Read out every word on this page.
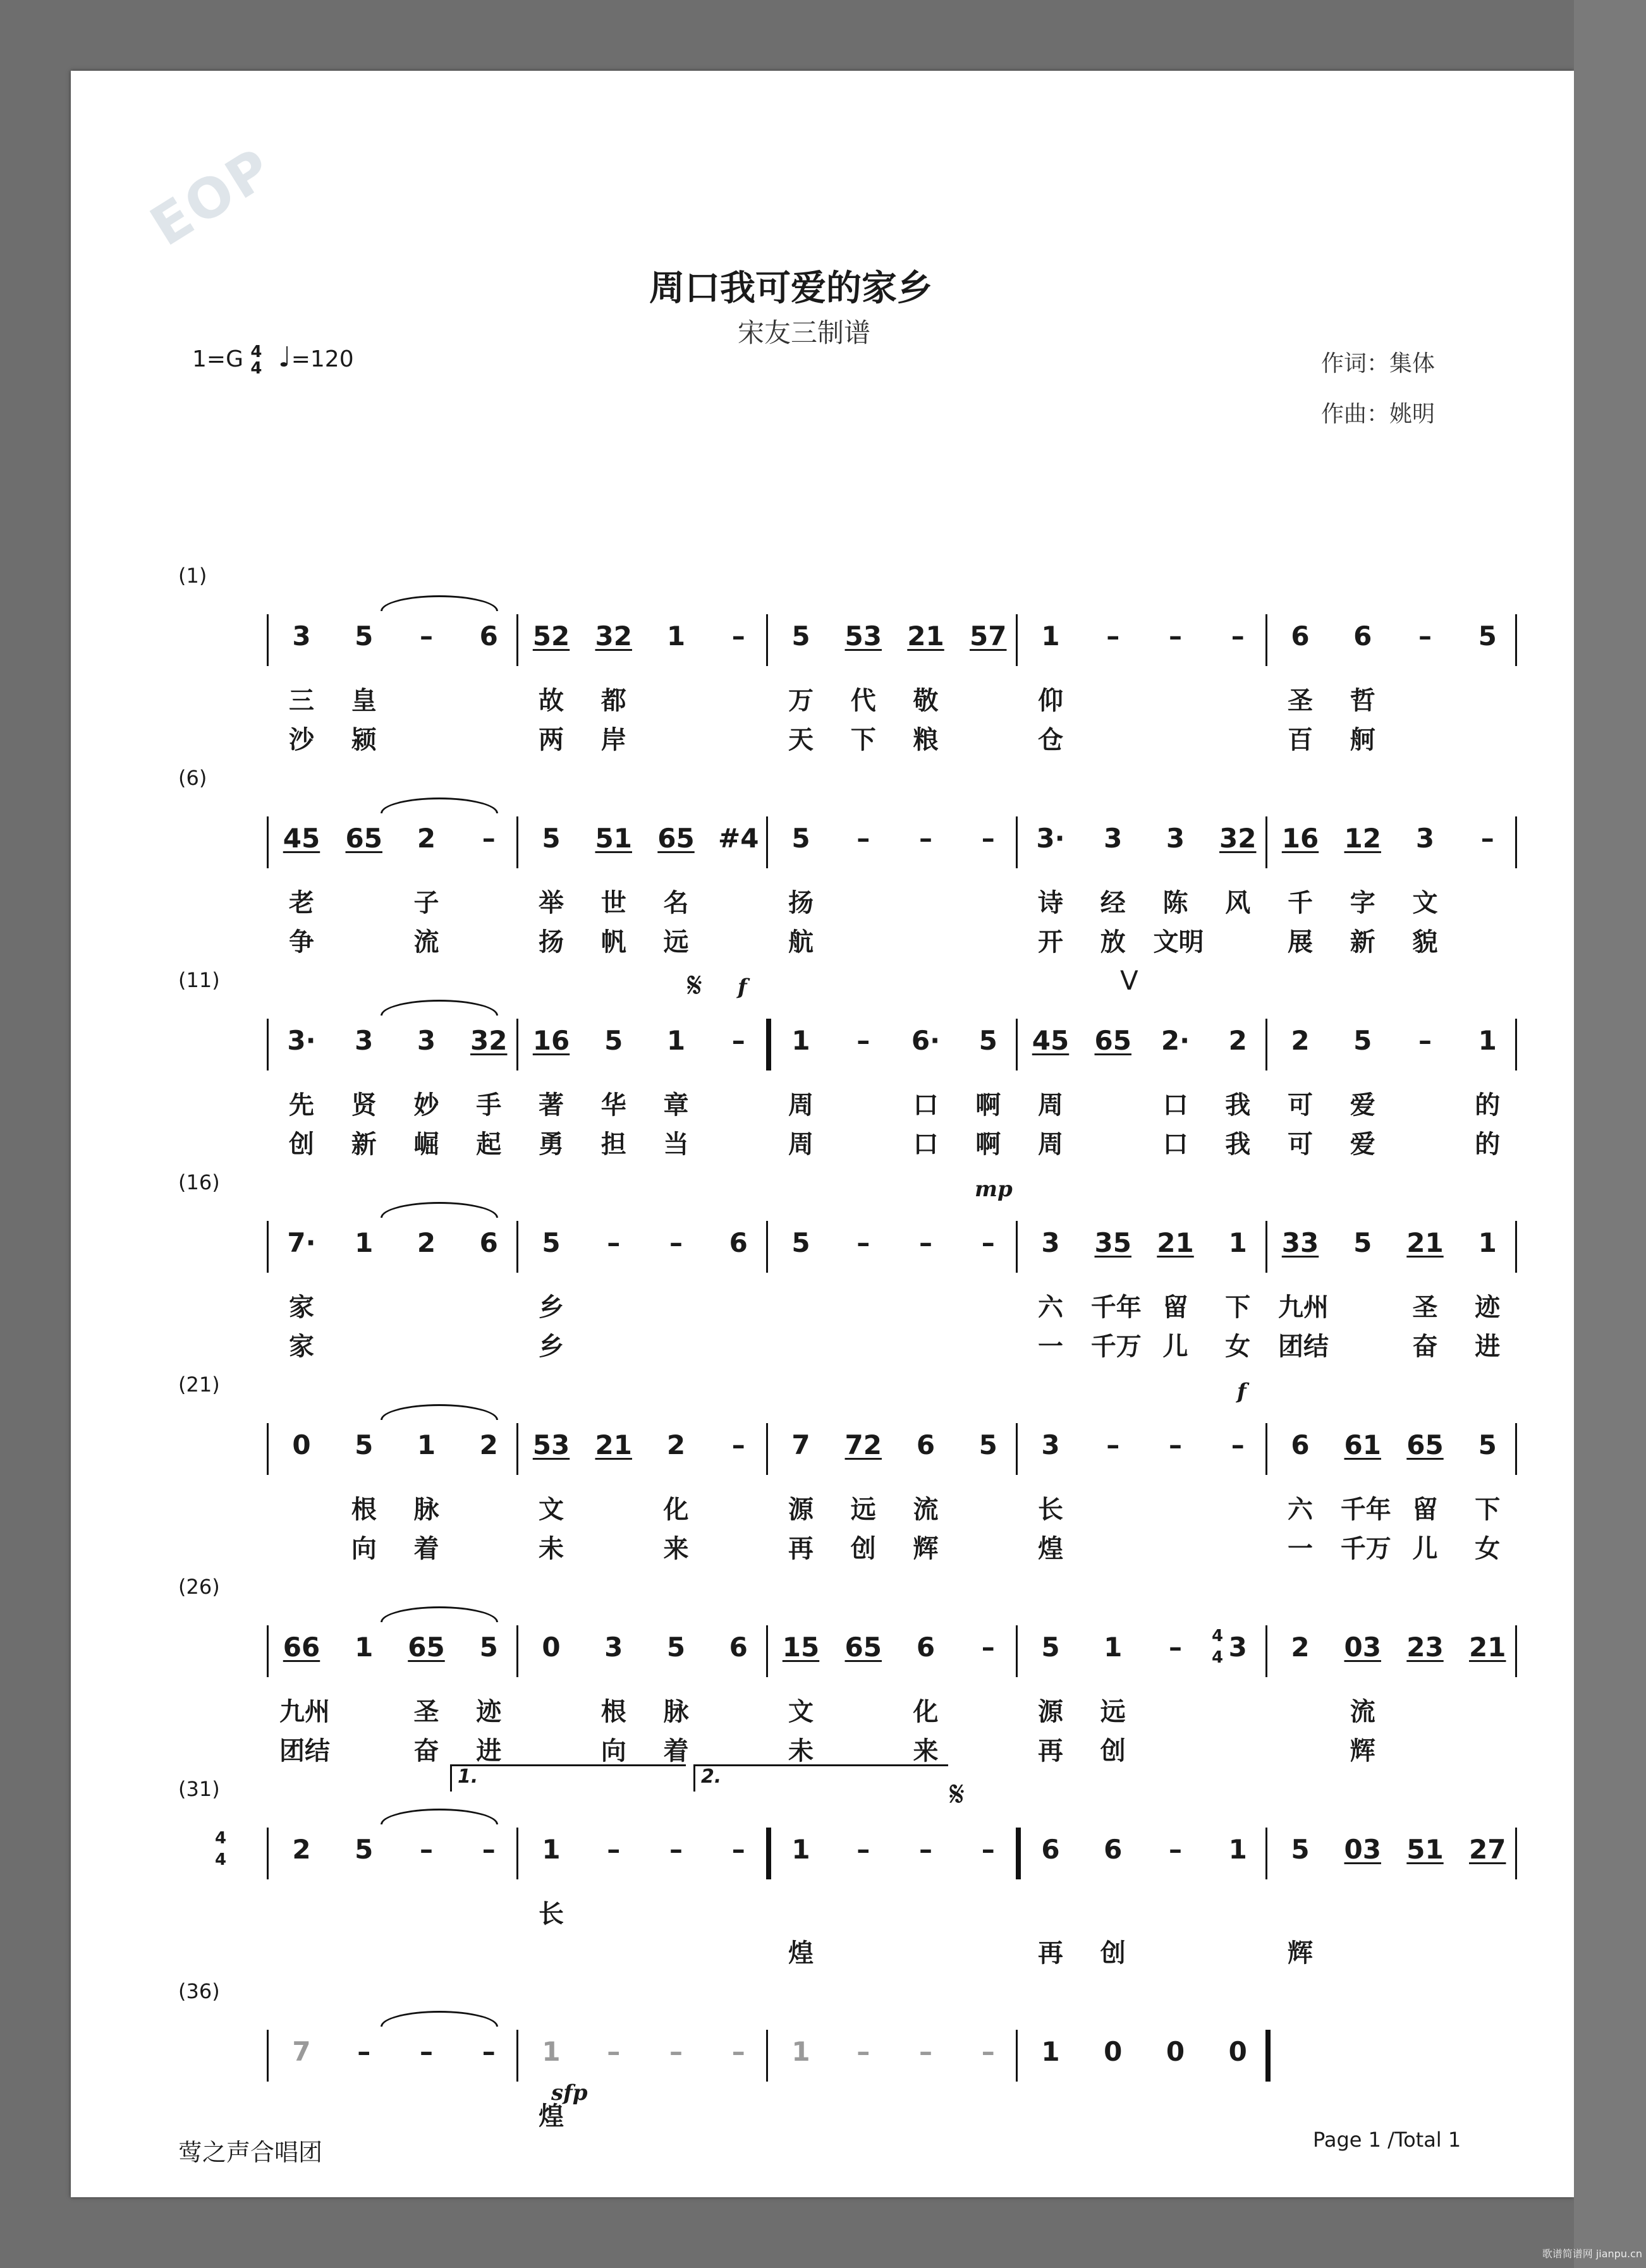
EOP
周口我可爱的家乡
宋友三制谱
1=G 4
4 ♩=120	作词：集体
作曲：姚明
(1)
3	5	–	6	52 32	1	–	5	53 21 57	1	–	–	–	6	6	–	5
三	皇	故	都	万	代	敬	仰	圣	哲
沙	颍	两	岸	天	下	粮	仓	百	舸
(6)
45 65	2	–	5	51 65 #4	5	–	–	–	3·	3	3	32 16 12	3	–
老	子	举	世	名	扬	诗	经	陈	风	千	字	文
争	流	扬	帆	远	航	开	放	文明	展	新	貌
(11)
3·	3	3	32 16	5	1	–	1	–	6·	5	45 65 2·	2	2	5	–	1
先	贤	妙	手	著	华	章	周	口	啊	周	口	我	可	爱	的
创	新	崛	起	勇	担	当	周	口	啊	周	口	我	可	爱	的
𝄋 f	V
(16)
7·	1	2	6	5	–	–	6	5	–	–	–	3	35 21	1	33	5	21	1
家	乡	六	千年 留	下	九州	圣	迹
家	乡	一	千万 儿	女	团结	奋	进
mp
(21)
0	5	1	2	53 21	2	–	7	72	6	5	3	–	–	–	6	61 65	5
根	脉	文	化	源	远	流	长	六	千年 留	下
向	着	未	来	再	创	辉	煌	一	千万 儿	女
f
(26)
66	1	65	5	0	3	5	6	15 65	6	–	5	1	–	3	2	03 23 21
九州	圣	迹	根	脉	文	化	源	远	流
团结	奋	进	向	着	未	来	再	创	辉
4
4
(31)
2	5	–	–	1	–	–	–	1	–	–	–	6	6	–	1	5	03 51 27
长
煌	再	创	辉
𝄋
1.	2.
4
4
(36)
7	–	–	–	1	–	–	–	1	–	–	–	1	0	0	0
煌
sfp
莺之声合唱团	Page 1 /Total 1
歌谱简谱网 jianpu.cn
